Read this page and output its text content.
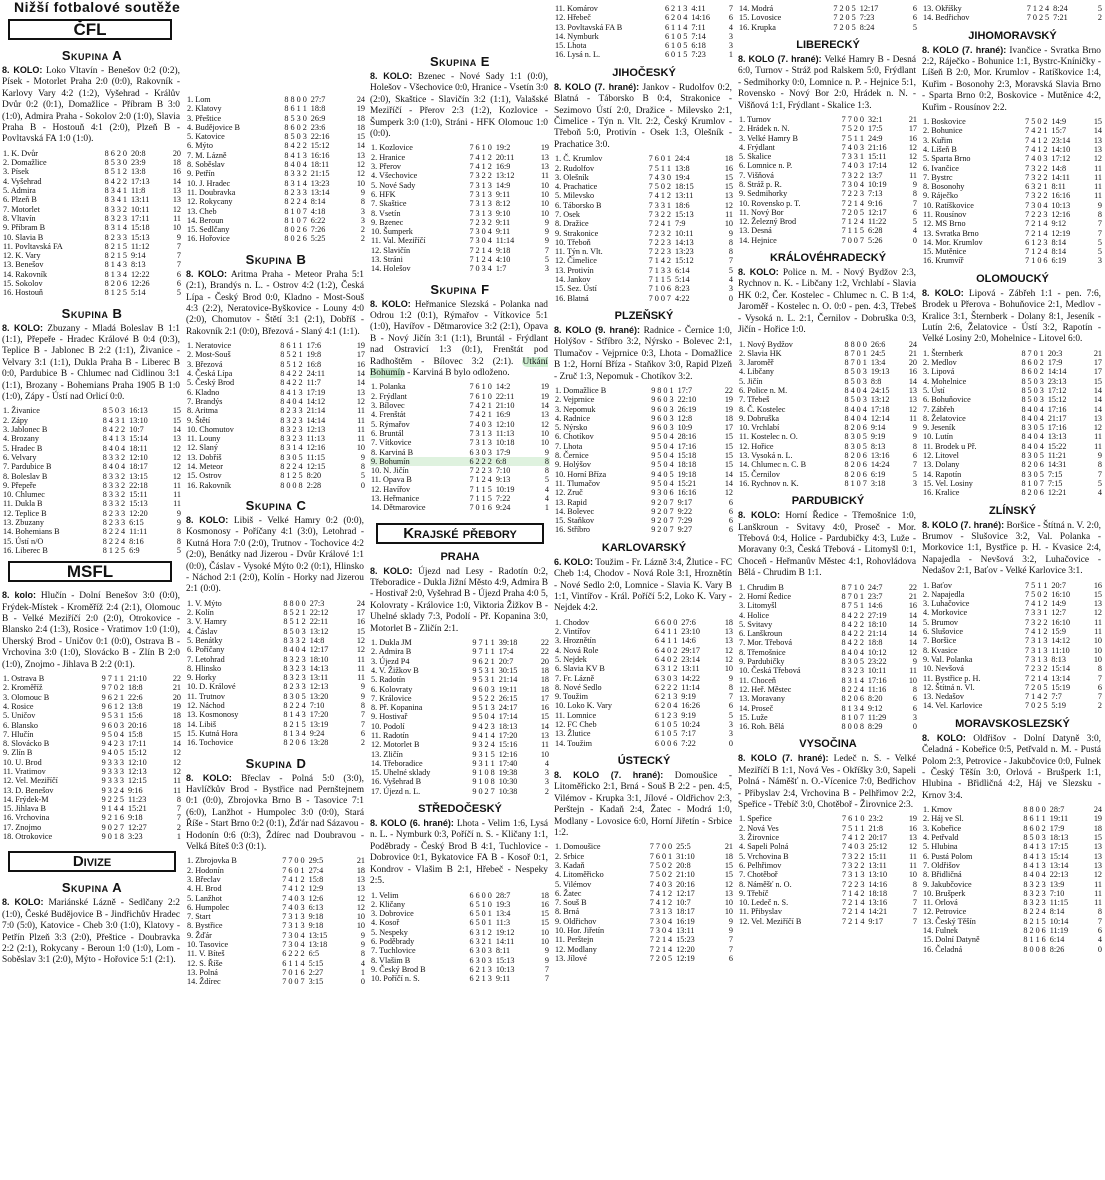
Nižší fotbalové soutěže
ČFL
Skupina A

8. KOLO: Loko Vltavín - Benešov 0:2 (0:2), Písek - Motorlet Praha 2:0 (0:0), Rakovník - Karlovy Vary 4:2 (1:2), Vyšehrad - Králův Dvůr 0:2 (0:1), Domažlice - Příbram B 3:0 (1:0), Admira Praha - Sokolov 2:0 (1:0), Slavia Praha B - Hostouň 4:1 (2:0), Plzeň B - Povltavská FA 1:0 (1:0).

1. K. Dvůr	8	6	2	0	20:8	20
2. Domažlice	8	5	3	0	23:9	18
3. Písek	8	5	1	2	13:8	16
4. Vyšehrad	8	4	2	2	17:13	14
5. Admira	8	3	4	1	11:8	13
6. Plzeň B	8	3	4	1	13:11	13
7. Motorlet	8	3	3	2	10:11	12
8. Vltavín	8	3	2	3	17:11	11
9. Příbram B	8	3	1	4	15:18	10
10. Slavia B	8	2	3	3	15:13	9
11. Povltavská FA	8	2	1	5	11:12	7
12. K. Vary	8	2	1	5	9:14	7
13. Benešov	8	1	4	3	8:13	7
14. Rakovník	8	1	3	4	12:22	6
15. Sokolov	8	2	0	6	12:26	6
16. Hostouň	8	1	2	5	5:14	5
Skupina B

8. KOLO: Zbuzany - Mladá Boleslav B 1:1 (1:1), Přepeře - Hradec Králové B 0:4 (0:3), Teplice B - Jablonec B 2:2 (1:1), Živanice - Velvary 3:1 (1:1), Dukla Praha B - Liberec B 0:0, Pardubice B - Chlumec nad Cidlinou 3:1 (1:1), Brozany - Bohemians Praha 1905 B 1:0 (1:0), Zápy - Ústí nad Orlicí 0:0.

1. Živanice	8	5	0	3	16:13	15
2. Zápy	8	4	3	1	13:10	15
3. Jablonec B	8	4	2	2	10:7	14
4. Brozany	8	4	1	3	15:14	13
5. Hradec B	8	4	0	4	18:11	12
6. Velvary	8	3	3	2	12:10	12
7. Pardubice B	8	4	0	4	18:17	12
8. Boleslav B	8	3	3	2	13:15	12
9. Přepeře	8	3	3	2	22:18	11
10. Chlumec	8	3	3	2	15:11	11
11. Dukla B	8	3	3	2	15:13	11
12. Teplice B	8	2	3	3	12:20	9
13. Zbuzany	8	2	3	3	6:15	9
14. Bohemians B	8	2	2	4	11:11	8
15. Ústí n/O	8	2	2	4	8:16	8
16. Liberec B	8	1	2	5	6:9	5
MSFL

8. kolo: Hlučín - Dolní Benešov 3:0 (0:0), Frýdek-Místek - Kroměříž 2:4 (2:1), Olomouc B - Velké Meziříčí 2:0 (2:0), Otrokovice - Blansko 2:4 (1:3), Rosice - Vratimov 1:0 (1:0), Uherský Brod - Uničov 0:1 (0:0), Ostrava B - Vrchovina 3:0 (1:0), Slovácko B - Zlín B 2:0 (1:0), Znojmo - Jihlava B 2:2 (0:1).

1. Ostrava B	9	7	1	1	21:10	22
2. Kroměříž	9	7	0	2	18:8	21
3. Olomouc B	9	6	2	1	22:6	20
4. Rosice	9	6	1	2	13:8	19
5. Uničov	9	5	3	1	15:6	18
6. Blansko	9	6	0	3	20:16	18
7. Hlučín	9	5	0	4	15:8	15
8. Slovácko B	9	4	2	3	17:11	14
9. Zlín B	9	4	0	5	15:12	12
10. U. Brod	9	3	3	3	12:10	12
11. Vratimov	9	3	3	3	12:13	12
12. Vel. Meziříčí	9	3	3	3	12:15	11
13. D. Benešov	9	3	2	4	9:16	11
14. Frýdek-M	9	2	2	5	11:23	8
15. Jihlava B	9	1	4	4	15:21	7
16. Vrchovina	9	2	1	6	9:18	7
17. Znojmo	9	0	2	7	12:27	2
18. Otrokovice	9	0	1	8	3:23	1
Divize
Skupina A

8. KOLO: Mariánské Lázně - Sedlčany 2:2 (1:0), České Budějovice B - Jindřichův Hradec 7:0 (5:0), Katovice - Cheb 3:0 (1:0), Klatovy - Petřín Plzeň 3:3 (2:0), Přeštice - Doubravka 2:2 (2:1), Rokycany - Beroun 1:0 (1:0), Lom - Soběslav 3:1 (2:0), Mýto - Hořovice 5:1 (2:1).

1. Lom	8	8	0	0	27:7	24
2. Klatovy	8	6	1	1	18:8	19
3. Přeštice	8	5	3	0	26:9	18
4. Budějovice B	8	6	0	2	23:6	18
5. Katovice	8	5	0	3	22:16	15
6. Mýto	8	4	2	2	15:12	14
7. M. Lázně	8	4	1	3	16:16	13
8. Soběslav	8	4	0	4	18:11	12
9. Petřín	8	3	3	2	21:15	12
10. J. Hradec	8	3	1	4	13:23	10
11. Doubravka	8	2	3	3	13:14	9
12. Rokycany	8	2	2	4	8:14	8
13. Cheb	8	1	0	7	4:18	3
14. Beroun	8	1	0	7	6:22	3
15. Sedlčany	8	0	2	6	7:26	2
16. Hořovice	8	0	2	6	5:25	2
Skupina B

8. KOLO: Aritma Praha - Meteor Praha 5:1 (2:1), Brandýs n. L. - Ostrov 4:2 (1:2), Česká Lípa - Český Brod 0:0, Kladno - Most-Souš 4:3 (2:2), Neratovice-Byškovice - Louny 4:0 (2:0), Chomutov - Štětí 3:1 (2:1), Dobříš - Rakovník 2:1 (0:0), Březová - Slaný 4:1 (1:1).

1. Neratovice	8	6	1	1	17:6	19
2. Most-Souš	8	5	2	1	19:8	17
3. Březová	8	5	1	2	16:8	16
4. Česká Lípa	8	4	2	2	24:11	14
5. Český Brod	8	4	2	2	11:7	14
6. Kladno	8	4	1	3	17:19	13
7. Brandýs	8	4	0	4	14:12	12
8. Aritma	8	2	3	3	21:14	11
9. Štětí	8	3	2	3	14:14	11
10. Chomutov	8	3	2	3	12:13	11
11. Louny	8	3	2	3	11:13	11
12. Slaný	8	3	1	4	12:16	10
13. Dobříš	8	3	0	5	11:15	9
14. Meteor	8	2	2	4	12:15	8
15. Ostrov	8	1	2	5	8:20	5
16. Rakovník	8	0	0	8	2:28	0
Skupina C

8. KOLO: Libiš - Velké Hamry 0:2 (0:0), Kosmonosy - Poříčany 4:1 (3:0), Letohrad - Kutná Hora 7:0 (2:0), Trutnov - Tochovice 4:2 (2:0), Benátky nad Jizerou - Dvůr Králové 1:1 (0:0), Čáslav - Vysoké Mýto 0:2 (0:1), Hlinsko - Náchod 2:1 (2:0), Kolín - Horky nad Jizerou 2:1 (0:0).

1. V. Mýto	8	8	0	0	27:3	24
2. Kolín	8	5	2	1	22:12	17
3. V. Hamry	8	5	1	2	22:11	16
4. Čáslav	8	5	0	3	13:12	15
5. Benátky	8	3	3	2	14:8	12
6. Poříčany	8	4	0	4	12:17	12
7. Letohrad	8	3	2	3	18:10	11
8. Hlinsko	8	3	2	3	14:13	11
9. Horky	8	3	2	3	13:11	11
10. D. Králové	8	2	3	3	12:13	9
11. Trutnov	8	3	0	5	13:20	9
12. Náchod	8	2	2	4	7:10	8
13. Kosmonosy	8	1	4	3	17:20	7
14. Libiš	8	2	1	5	13:19	7
15. Kutná Hora	8	1	3	4	9:24	6
16. Tochovice	8	2	0	6	13:28	2
Skupina D

8. KOLO: Břeclav - Polná 5:0 (3:0), Havlíčkův Brod - Bystřice nad Pernštejnem 0:1 (0:0), Zbrojovka Brno B - Tasovice 7:1 (6:0), Lanžhot - Humpolec 3:0 (0:0), Stará Říše - Start Brno 0:2 (0:1), Žďár nad Sázavou - Hodonín 0:6 (0:3), Ždírec nad Doubravou - Velká Bíteš 0:3 (0:1).

1. Zbrojovka B	7	7	0	0	29:5	21
2. Hodonín	7	6	0	1	27:4	18
3. Břeclav	7	4	1	2	15:8	13
4. H. Brod	7	4	1	2	12:9	13
5. Lanžhot	7	4	0	3	12:6	12
6. Humpolec	7	4	0	3	6:13	12
7. Start	7	3	1	3	9:18	10
8. Bystřice	7	3	1	3	9:18	10
9. Žďár	7	3	0	4	13:15	9
10. Tasovice	7	3	0	4	13:18	9
11. V. Bíteš	6	2	2	2	6:5	8
12. S. Říše	6	1	1	4	5:15	4
13. Polná	7	0	1	6	2:27	1
14. Ždírec	7	0	0	7	3:15	0
Skupina E

8. KOLO: Bzenec - Nové Sady 1:1 (0:0), Holešov - Všechovice 0:0, Hranice - Vsetín 3:0 (2:0), Skaštice - Slavičín 3:2 (1:1), Valašské Meziříčí - Přerov 2:3 (1:2), Kozlovice - Šumperk 3:0 (1:0), Stráni - HFK Olomouc 1:0 (0:0).

1. Kozlovice	7	6	1	0	19:2	19
2. Hranice	7	4	1	2	20:11	13
3. Přerov	7	4	1	2	16:9	13
4. Všechovice	7	3	2	2	13:12	11
5. Nové Sady	7	3	1	3	14:9	10
6. HFK	7	3	1	3	9:11	10
7. Skaštice	7	3	1	3	8:12	10
8. Vsetín	7	3	1	3	9:10	10
9. Bzenec	7	2	3	2	9:11	9
10. Šumperk	7	3	0	4	9:11	9
11. Val. Meziříčí	7	3	0	4	11:14	9
12. Slavičín	7	2	1	4	9:18	7
13. Stráni	7	1	2	4	4:10	5
14. Holešov	7	0	3	4	1:7	3
Skupina F

8. KOLO: Heřmanice Slezská - Polanka nad Odrou 1:2 (0:1), Rýmařov - Vítkovice 5:1 (1:0), Havířov - Dětmarovice 3:2 (2:1), Opava B - Nový Jičín 3:1 (1:1), Bruntál - Frýdlant nad Ostravicí 1:3 (0:1), Frenštát pod Radhoštěm - Bílovec 3:2 (2:1). Utkání Bohumín - Karviná B bylo odloženo.

1. Polanka	7	6	1	0	14:2	19
2. Frýdlant	7	6	1	0	22:11	19
3. Bílovec	7	4	2	1	21:10	14
4. Frenštát	7	4	2	1	16:9	13
5. Rýmařov	7	4	0	3	12:10	12
6. Bruntál	7	3	1	3	11:13	10
7. Vítkovice	7	3	1	3	10:18	10
8. Karviná B	6	3	0	3	17:9	9
9. Bohumín	6	2	2	2	6:8	8
10. N. Jičín	7	2	2	3	7:10	8
11. Opava B	7	1	2	4	9:13	5
12. Havířov	7	1	1	5	10:19	4
13. Heřmanice	7	1	1	5	7:22	4
14. Dětmarovice	7	0	1	6	9:24	1
Krajské přebory
PRAHA

8. KOLO: Újezd nad Lesy - Radotín 0:2, Třeboradice - Dukla Jižní Město 4:9, Admira B - Hostivař 2:0, Vyšehrad B - Újezd Praha 4:0 5, Kolovraty - Královice 1:0, Viktoria Žižkov B - Uhelné sklady 7:3, Podolí - Př. Kopanina 3:0, Motorlet B - Zličín 2:1.

1. Dukla JM	9	7	1	1	39:18	22
2. Admira B	9	7	1	1	17:4	22
3. Újezd P4	9	6	2	1	20:7	20
4. V. Žižkov B	9	5	3	1	30:15	18
5. Radotín	9	5	3	1	21:14	18
6. Kolovraty	9	6	0	3	19:11	18
7. Královice	9	5	2	2	26:15	17
8. Př. Kopanina	9	5	1	3	24:17	16
9. Hostivař	9	5	0	4	17:14	15
10. Podolí	9	4	2	3	18:13	14
11. Radotín	9	4	1	4	17:20	13
12. Motorlet B	9	3	2	4	15:16	11
13. Zličín	9	3	1	5	12:16	10
14. Třeboradice	9	3	1	1	17:40	4
15. Uhelné sklady	9	1	0	8	19:38	3
16. Vyšehrad B	9	1	0	8	10:30	3
17. Újezd n. L.	9	0	2	7	10:38	2
STŘEDOČESKÝ

8. KOLO (6. hrané): Lhota - Velim 1:6, Lysá n. L. - Nymburk 0:3, Poříčí n. S. - Kličany 1:1, Poděbrady - Český Brod B 4:1, Tuchlovice - Dobrovice 0:1, Bykatovice FA B - Kosoř 0:1, Kondrov - Vlašim B 2:1, Hřebeč - Nespeky 2:5.

1. Velim	6	6	0	0	28:7	18
2. Kličany	6	5	1	0	19:3	16
3. Dobrovice	6	5	0	1	13:4	15
4. Kosoř	6	5	0	1	11:3	15
5. Nespeky	6	3	1	2	19:12	10
6. Poděbrady	6	3	2	1	14:11	10
7. Tuchlovice	6	3	0	3	8:11	9
8. Vlašim B	6	3	0	3	15:13	9
9. Český Brod B	6	2	1	3	10:13	7
10. Poříčí n. S.	6	2	1	3	9:11	7
11. Komárov	6	2	1	3	4:11	7
12. Hřebeč	6	2	0	4	14:16	6
13. Povltavská FA B	6	1	1	4	7:11	4
14. Nymburk	6	1	0	5	7:14	3
15. Lhota	6	1	0	5	6:18	3
16. Lysá n. L.	6	0	1	5	7:23	1
JIHOČESKÝ

8. KOLO (7. hrané): Jankov - Rudolfov 0:2, Blatná - Táborsko B 0:4, Strakonice - Sezimovo Ústí 2:0, Dražice - Milevsko 2:1, Čimelice - Týn n. Vlt. 2:2, Český Krumlov - Třeboň 5:0, Protivín - Osek 1:3, Olešník - Prachatice 3:0.

1. Č. Krumlov	7	6	0	1	24:4	18
2. Rudolfov	7	5	1	1	13:8	16
3. Olešník	7	4	3	0	19:4	15
4. Prachatice	7	5	0	2	18:15	15
5. Milevsko	7	4	1	2	13:11	13
6. Táborsko B	7	3	3	1	18:6	12
7. Osek	7	3	2	2	15:13	11
8. Dražice	7	2	4	1	7:9	10
9. Strakonice	7	2	3	2	10:11	9
10. Třeboň	7	2	2	3	14:13	8
11. Týn n. Vlt.	7	2	2	3	13:23	8
12. Čimelice	7	1	4	2	15:12	7
13. Protivín	7	1	3	3	6:14	5
14. Jankov	7	1	1	5	5:14	4
15. Sez. Ústí	7	1	0	6	8:23	3
16. Blatná	7	0	0	7	4:22	0
PLZEŇSKÝ

8. KOLO (9. hrané): Radnice - Černice 1:0, Holýšov - Stříbro 3:2, Nýrsko - Bolevec 2:1, Tlumačov - Vejprnice 0:3, Lhota - Domažlice B 1:2, Horní Bříza - Staňkov 3:0, Rapid Plzeň - Zruč 1:3, Nepomuk - Chotíkov 3:2.

1. Domažlice B	9	8	0	1	17:7	22
2. Vejprnice	9	6	0	3	22:10	19
3. Nepomuk	9	6	0	3	26:19	19
4. Radnice	9	6	0	3	12:8	18
5. Nýrsko	9	6	0	3	10:9	17
6. Chotíkov	9	5	0	4	28:16	15
7. Lhota	9	5	0	4	17:16	15
8. Černice	9	5	0	4	15:18	15
9. Holýšov	9	5	0	4	18:18	15
10. Horní Bříza	9	4	0	5	19:18	14
11. Tlumačov	9	5	0	4	15:21	14
12. Zruč	9	3	0	6	16:16	12
13. Rapid	9	2	0	7	9:17	6
14. Bolevec	9	2	0	7	9:22	6
15. Staňkov	9	2	0	7	7:29	6
16. Stříbro	9	2	0	7	9:27	6
KARLOVARSKÝ

6. KOLO: Toužim - Fr. Lázně 3:4, Žlutice - FC Cheb 1:4, Chodov - Nová Role 3:1, Hroznětín - Nové Sedlo 2:0, Lomnice - Slavia K. Vary B 1:1, Vintířov - Král. Poříčí 5:2, Loko K. Vary - Nejdek 4:2.

1. Chodov	6	6	0	0	27:6	18
2. Vintířov	6	4	1	1	23:10	13
3. Hroznětín	6	4	1	1	14:6	13
4. Nová Role	6	4	0	2	29:17	12
5. Nejdek	6	4	0	2	23:14	12
6. Slavia KV B	6	3	1	2	13:11	10
7. Fr. Lázně	6	3	0	3	14:22	9
8. Nové Sedlo	6	2	2	2	11:14	8
9. Toužim	6	2	1	3	9:19	7
10. Loko K. Vary	6	2	0	4	16:26	6
11. Lomnice	6	1	2	3	9:19	5
12. FC Cheb	6	1	0	5	10:24	3
13. Žlutice	6	1	0	5	7:17	3
14. Toužim	6	0	0	6	7:22	0
ÚSTECKÝ

8. KOLO (7. hrané): Domoušice - Litoměřicko 2:1, Brná - Souš B 2:2 - pen. 4:5, Vilémov - Krupka 3:1, Jílové - Oldřichov 2:3, Perštejn - Kadaň 2:4, Žatec - Modrá 1:0, Modlany - Lovosice 6:0, Horní Jiřetín - Srbice 1:2.

1. Domoušice	7	7	0	0	25:5	21
2. Srbice	7	6	0	1	31:10	18
3. Kadaň	7	5	0	2	20:8	15
4. Litoměřicko	7	5	0	2	21:10	15
5. Vilémov	7	4	0	3	20:16	12
6. Žatec	7	4	1	2	12:17	13
7. Souš B	7	4	1	2	10:7	10
8. Brná	7	3	1	3	18:17	10
9. Oldřichov	7	3	0	4	16:19	9
10. Hor. Jiřetín	7	3	0	4	13:11	9
11. Perštejn	7	2	1	4	15:23	7
12. Modlany	7	2	1	4	12:20	7
13. Jílové	7	2	0	5	12:19	6
14. Modrá	7	2	0	5	12:17	6
15. Lovosice	7	2	0	5	7:23	6
16. Krupka	7	2	0	5	8:24	5
LIBERECKÝ

8. KOLO (7. hrané): Velké Hamry B - Desná 6:0, Turnov - Stráž pod Ralskem 5:0, Frýdlant - Sedmihorky 0:0, Lomnice n. P. - Hejnice 5:1, Rovensko - Nový Bor 2:0, Hrádek n. N. - Višňová 1:1, Frýdlant - Skalice 1:3.

1. Turnov	7	7	0	0	32:1	21
2. Hrádek n. N.	7	5	2	0	17:5	17
3. Velké Hamry B	7	5	1	1	24:9	16
4. Frýdlant	7	4	0	3	21:16	12
5. Skalice	7	3	3	1	15:11	12
6. Lomnice n. P.	7	4	0	3	17:14	12
7. Višňová	7	3	2	2	13:7	11
8. Stráž p. R.	7	3	0	4	10:19	9
9. Sedmihorky	7	2	2	3	7:13	8
10. Rovensko p. T.	7	2	1	4	9:16	7
11. Nový Bor	7	2	0	5	12:17	6
12. Železný Brod	7	1	2	4	11:22	5
13. Desná	7	1	1	5	6:28	4
14. Hejnice	7	0	0	7	5:26	0
KRÁLOVÉHRADECKÝ

8. KOLO: Police n. M. - Nový Bydžov 2:3, Rychnov n. K. - Libčany 1:2, Vrchlabí - Slavia HK 0:2, Čer. Kostelec - Chlumec n. C. B 1:4, Jaroměř - Kostelec n. O. 0:0 - pen. 4:3, Třebeš - Vysoká n. L. 2:1, Černilov - Dobruška 0:3, Jičín - Hořice 1:0.

1. Nový Bydžov	8	8	0	0	26:6	24
2. Slavia HK	8	7	0	1	24:5	21
3. Jaroměř	8	7	0	1	13:4	20
4. Libčany	8	5	0	3	19:13	16
5. Jičín	8	5	0	3	8:8	14
6. Police n. M.	8	4	0	4	24:15	13
7. Třebeš	8	5	0	3	13:12	13
8. Č. Kostelec	8	4	0	4	17:18	12
9. Dobruška	8	4	0	4	12:14	11
10. Vrchlabí	8	2	0	6	9:14	9
11. Kostelec n. O.	8	3	0	5	9:19	9
12. Hořice	8	3	0	5	8:13	8
13. Vysoká n. L.	8	2	0	6	13:16	6
14. Chlumec n. C. B	8	2	0	6	14:24	7
15. Černilov	8	2	0	6	6:19	5
16. Rychnov n. K.	8	1	0	7	3:18	3
PARDUBICKÝ

8. KOLO: Horní Ředice - Třemošnice 1:0, Lanškroun - Svitavy 4:0, Proseč - Mor. Třebová 0:4, Holice - Pardubičky 4:3, Luže - Moravany 0:3, Česká Třebová - Litomyšl 0:1, Choceň - Heřmanův Městec 4:1, Rohovládova Bělá - Chrudim B 1:1.

1. Chrudim B	8	7	1	0	24:7	22
2. Horní Ředice	8	7	0	1	23:7	21
3. Litomyšl	8	7	5	1	14:6	16
4. Holice	8	4	2	2	27:19	14
5. Svitavy	8	4	2	2	18:10	14
6. Lanškroun	8	4	2	2	21:14	14
7. Mor. Třebová	8	4	2	2	18:8	14
8. Třemošnice	8	4	0	4	10:12	12
9. Pardubičky	8	3	0	5	23:22	9
10. Česká Třebová	8	3	2	3	10:11	11
11. Choceň	8	3	1	4	17:16	10
12. Heř. Městec	8	2	2	4	11:16	8
13. Moravany	8	2	0	6	8:20	6
14. Proseč	8	1	3	4	9:12	6
15. Luže	8	1	0	7	11:29	3
16. Roh. Bělá	8	0	0	8	8:29	0
VYSOČINA

8. KOLO (7. hrané): Ledeč n. S. - Velké Meziříčí B 1:1, Nová Ves - Okříšky 3:0, Sapeli Polná - Náměšť n. O.-Vícenice 7:0, Bedřichov - Přibyslav 2:4, Vrchovina B - Pelhřimov 2:2, Speřice - Třebíč 3:0, Chotěboř - Žirovnice 2:3.

1. Speřice	7	6	1	0	23:2	19
2. Nová Ves	7	5	1	1	21:8	16
3. Žirovnice	7	4	1	2	20:17	13
4. Sapeli Polná	7	4	0	3	25:12	12
5. Vrchovina B	7	3	2	2	15:11	11
6. Pelhřimov	7	3	2	2	13:11	11
7. Chotěboř	7	3	1	3	13:10	10
8. Náměšť n. O.	7	2	2	3	14:16	8
9. Třebíč	7	1	4	2	18:18	7
10. Ledeč n. S.	7	2	1	4	13:16	7
11. Přibyslav	7	2	1	4	14:21	7
12. Vel. Meziříčí B	7	2	1	4	9:17	7
13. Okříšky	7	1	2	4	8:24	5
14. Bedřichov	7	0	2	5	7:21	2
JIHOMORAVSKÝ

8. KOLO (7. hrané): Ivančice - Svratka Brno 2:2, Ráječko - Bohunice 1:1, Bystrc-Kníničky - Líšeň B 2:0, Mor. Krumlov - Ratíškovice 1:4, Kuřim - Bosonohy 2:3, Moravská Slavia Brno - Sparta Brno 0:2, Boskovice - Mutěnice 4:2, Kuřim - Rousínov 2:2.

1. Boskovice	7	5	0	2	14:9	15
2. Bohunice	7	4	2	1	15:7	14
3. Kuřim	7	4	1	2	23:14	13
4. Líšeň B	7	4	1	2	14:10	13
5. Sparta Brno	7	4	0	3	17:12	12
6. Ivančice	7	3	2	2	14:8	11
7. Bystrc	7	3	2	2	14:11	11
8. Bosonohy	6	3	2	1	8:11	11
9. Ráječko	7	3	2	2	16:16	11
10. Ratíškovice	7	3	0	4	10:13	9
11. Rousínov	7	2	2	3	12:16	8
12. MS Brno	7	2	1	4	9:12	7
13. Svratka Brno	7	2	1	4	12:19	7
14. Mor. Krumlov	6	1	2	3	8:14	5
15. Mutěnice	7	1	2	4	8:14	5
16. Krumvíř	7	1	0	6	6:19	3
OLOMOUCKÝ

8. KOLO: Lipová - Zábřeh 1:1 - pen. 7:6, Brodek u Přerova - Bohuňovice 2:1, Medlov - Kralice 3:1, Šternberk - Dolany 8:1, Jeseník - Lutín 2:6, Želatovice - Ústí 3:2, Rapotín - Velké Losiny 2:0, Mohelnice - Litovel 6:0.

1. Šternberk	8	7	0	1	20:3	21
2. Medlov	8	6	0	2	17:9	17
3. Lipová	8	6	0	2	14:14	17
4. Mohelnice	8	5	0	3	23:13	15
5. Ústí	8	5	0	3	17:12	14
6. Bohuňovice	8	5	0	3	15:12	14
7. Zábřeh	8	4	0	4	17:16	14
8. Želatovice	8	4	0	4	21:17	13
9. Jeseník	8	3	0	5	17:16	12
10. Lutín	8	4	0	4	13:13	11
11. Brodek u Př.	8	4	0	4	15:22	11
12. Litovel	8	3	0	5	11:21	9
13. Dolany	8	2	0	6	14:31	8
14. Rapotín	8	3	0	5	7:15	7
15. Vel. Losiny	8	1	0	7	7:15	5
16. Kralice	8	2	0	6	12:21	4
ZLÍNSKÝ

8. KOLO (7. hrané): Boršice - Štítná n. V. 2:0, Brumov - Slušovice 3:2, Val. Polanka - Morkovice 1:1, Bystřice p. H. - Kvasice 2:4, Napajedla - Nevšová 3:2, Luhačovice - Nedašov 2:1, Baťov - Velké Karlovice 3:1.

1. Baťov	7	5	1	1	20:7	16
2. Napajedla	7	5	0	2	16:10	15
3. Luhačovice	7	4	1	2	14:9	13
4. Morkovice	7	3	3	1	12:7	12
5. Brumov	7	3	2	2	16:10	11
6. Slušovice	7	4	1	2	15:9	11
7. Boršice	7	3	1	3	14:12	10
8. Kvasice	7	3	1	3	11:10	10
9. Val. Polanka	7	3	1	3	8:13	10
10. Nevšová	7	2	3	2	15:14	8
11. Bystřice p. H.	7	2	1	4	13:14	7
12. Štítná n. Vl.	7	2	0	5	15:19	6
13. Nedašov	7	1	4	2	7:7	7
14. Vel. Karlovice	7	0	2	5	5:19	2
MORAVSKOSLEZSKÝ

8. KOLO: Oldřišov - Dolní Datyně 3:0, Čeladná - Kobeřice 0:5, Petřvald n. M. - Pustá Polom 2:3, Petrovice - Jakubčovice 0:0, Fulnek - Český Těšín 3:0, Orlová - Brušperk 1:1, Hlubina - Břidličná 4:2, Háj ve Slezsku - Krnov 3:4.

1. Krnov	8	8	0	0	28:7	24
2. Háj ve Sl.	8	6	1	1	19:11	19
3. Kobeřice	8	6	0	2	17:9	18
4. Petřvald	8	5	0	3	18:13	15
5. Hlubina	8	4	1	3	17:15	13
6. Pustá Polom	8	4	1	3	15:14	13
7. Oldřišov	8	4	1	3	13:14	13
8. Břidličná	8	4	0	4	22:13	12
9. Jakubčovice	8	3	2	3	13:9	11
10. Brušperk	8	3	2	3	7:10	11
11. Orlová	8	3	2	3	11:15	11
12. Petrovice	8	2	2	4	8:14	8
13. Český Těšín	8	2	1	5	10:14	7
14. Fulnek	8	2	0	6	11:19	6
15. Dolní Datyně	8	1	1	6	6:14	4
16. Čeladná	8	0	0	8	8:26	0
